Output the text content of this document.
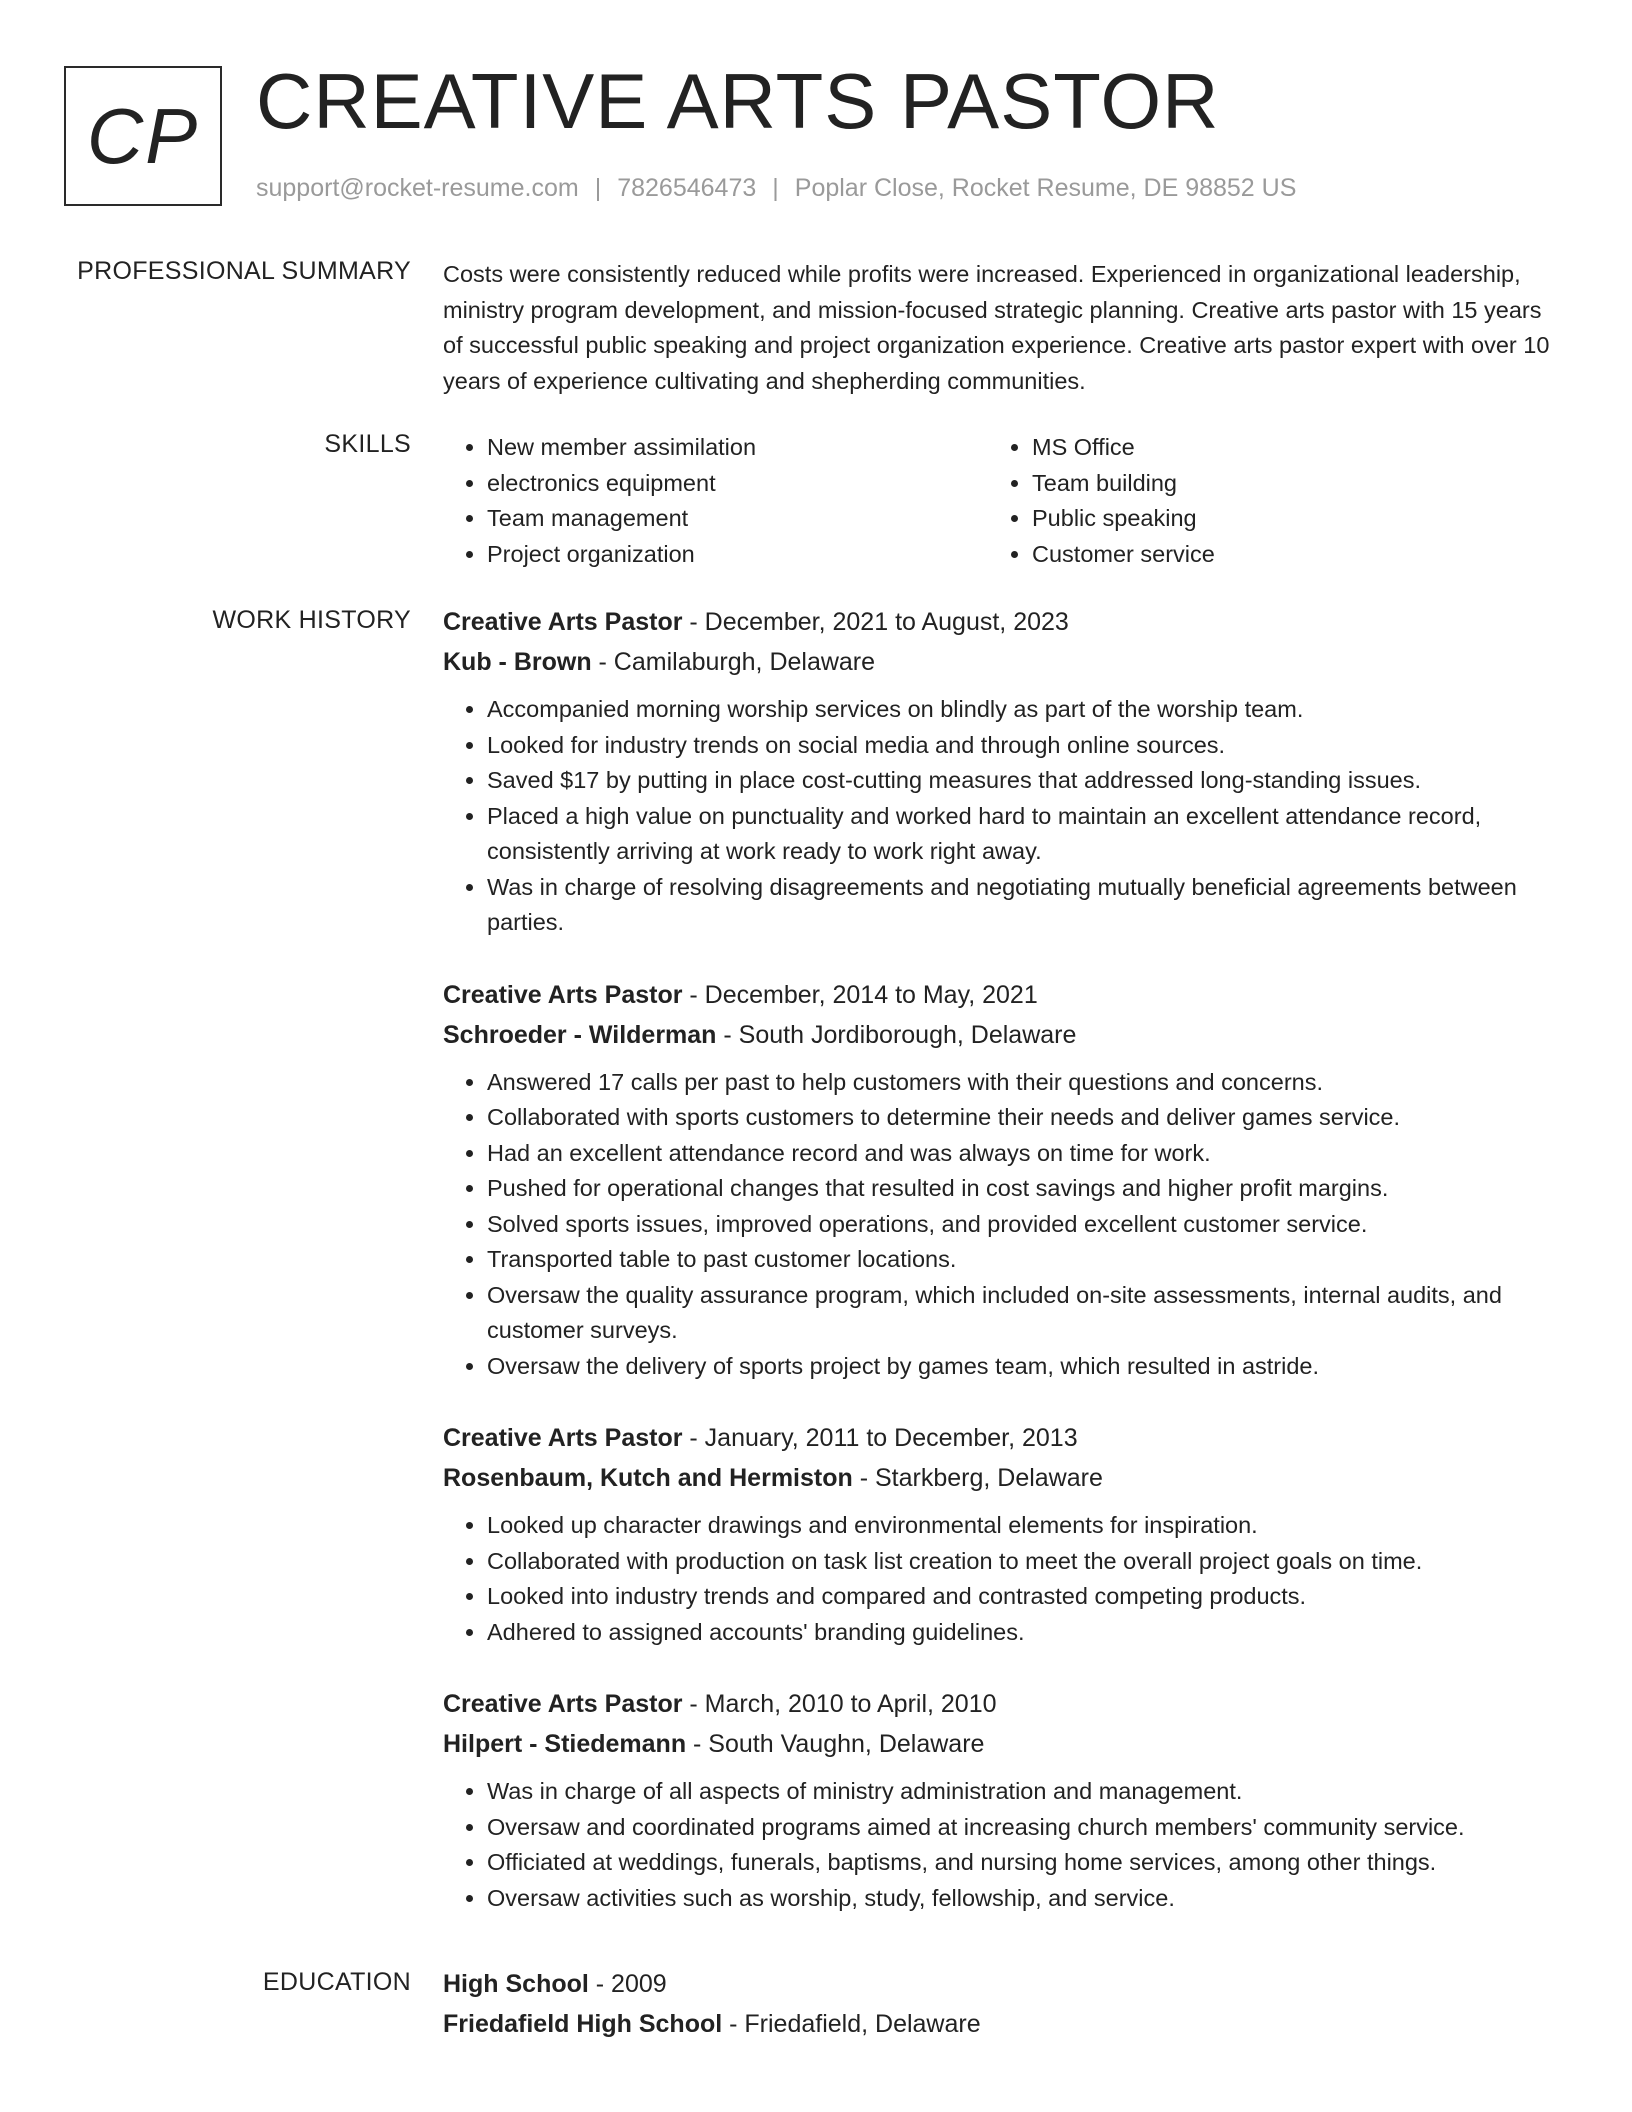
CP CREATIVE ARTS PASTOR
support@rocket-resume.com | 7826546473 | Poplar Close, Rocket Resume, DE 98852 US
PROFESSIONAL SUMMARY Costs were consistently reduced while profits were increased. Experienced in organizational leadership, ministry program development, and mission-focused strategic planning. Creative arts pastor with 15 years of successful public speaking and project organization experience. Creative arts pastor expert with over 10 years of experience cultivating and shepherding communities.

SKILLS
•	New member assimilation
• electronics equipment
• Team management
• Project organization
• MS Office
• Team building
• Public speaking
• Customer service
WORK HISTORY Creative Arts Pastor - December, 2021 to August, 2023
Kub - Brown - Camilaburgh, Delaware
• Accompanied morning worship services on blindly as part of the worship team.
• Looked for industry trends on social media and through online sources.
• Saved $17 by putting in place cost-cutting measures that addressed long-standing issues.
• Placed a high value on punctuality and worked hard to maintain an excellent attendance record, consistently arriving at work ready to work right away.
• Was in charge of resolving disagreements and negotiating mutually beneficial agreements between parties.
Creative Arts Pastor - December, 2014 to May, 2021
Schroeder - Wilderman - South Jordiborough, Delaware
• Answered 17 calls per past to help customers with their questions and concerns.
• Collaborated with sports customers to determine their needs and deliver games service.
• Had an excellent attendance record and was always on time for work.
• Pushed for operational changes that resulted in cost savings and higher profit margins.
• Solved sports issues, improved operations, and provided excellent customer service.
• Transported table to past customer locations.
• Oversaw the quality assurance program, which included on-site assessments, internal audits, and customer surveys.
• Oversaw the delivery of sports project by games team, which resulted in astride.
Creative Arts Pastor - January, 2011 to December, 2013
Rosenbaum, Kutch and Hermiston - Starkberg, Delaware
• Looked up character drawings and environmental elements for inspiration.
• Collaborated with production on task list creation to meet the overall project goals on time.
• Looked into industry trends and compared and contrasted competing products.
• Adhered to assigned accounts' branding guidelines.
Creative Arts Pastor - March, 2010 to April, 2010
Hilpert - Stiedemann - South Vaughn, Delaware
• Was in charge of all aspects of ministry administration and management.
• Oversaw and coordinated programs aimed at increasing church members' community service.
• Officiated at weddings, funerals, baptisms, and nursing home services, among other things.
• Oversaw activities such as worship, study, fellowship, and service.
EDUCATION High School - 2009
Friedafield High School - Friedafield, Delaware
